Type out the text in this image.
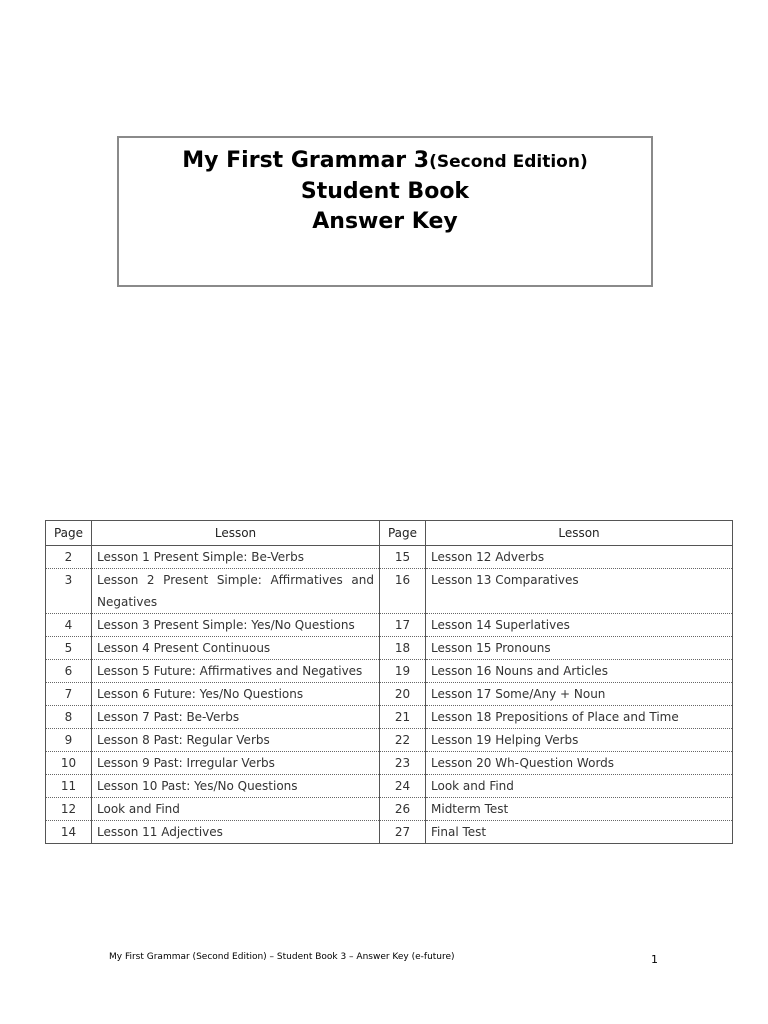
My First Grammar 3(Second Edition)

Student Book

Answer Key

Page	Lesson	Page	Lesson
2	Lesson 1 Present Simple: Be-Verbs	15	Lesson 12 Adverbs
3	Lesson 2 Present Simple: Affirmatives and Negatives	16	Lesson 13 Comparatives
4	Lesson 3 Present Simple: Yes/No Questions	17	Lesson 14 Superlatives
5	Lesson 4 Present Continuous	18	Lesson 15 Pronouns
6	Lesson 5 Future: Affirmatives and Negatives	19	Lesson 16 Nouns and Articles
7	Lesson 6 Future: Yes/No Questions	20	Lesson 17 Some/Any + Noun
8	Lesson 7 Past: Be-Verbs	21	Lesson 18 Prepositions of Place and Time
9	Lesson 8 Past: Regular Verbs	22	Lesson 19 Helping Verbs
10	Lesson 9 Past: Irregular Verbs	23	Lesson 20 Wh-Question Words
11	Lesson 10 Past: Yes/No Questions	24	Look and Find
12	Look and Find	26	Midterm Test
14	Lesson 11 Adjectives	27	Final Test
My First Grammar (Second Edition) – Student Book 3 – Answer Key (e-future)	1
